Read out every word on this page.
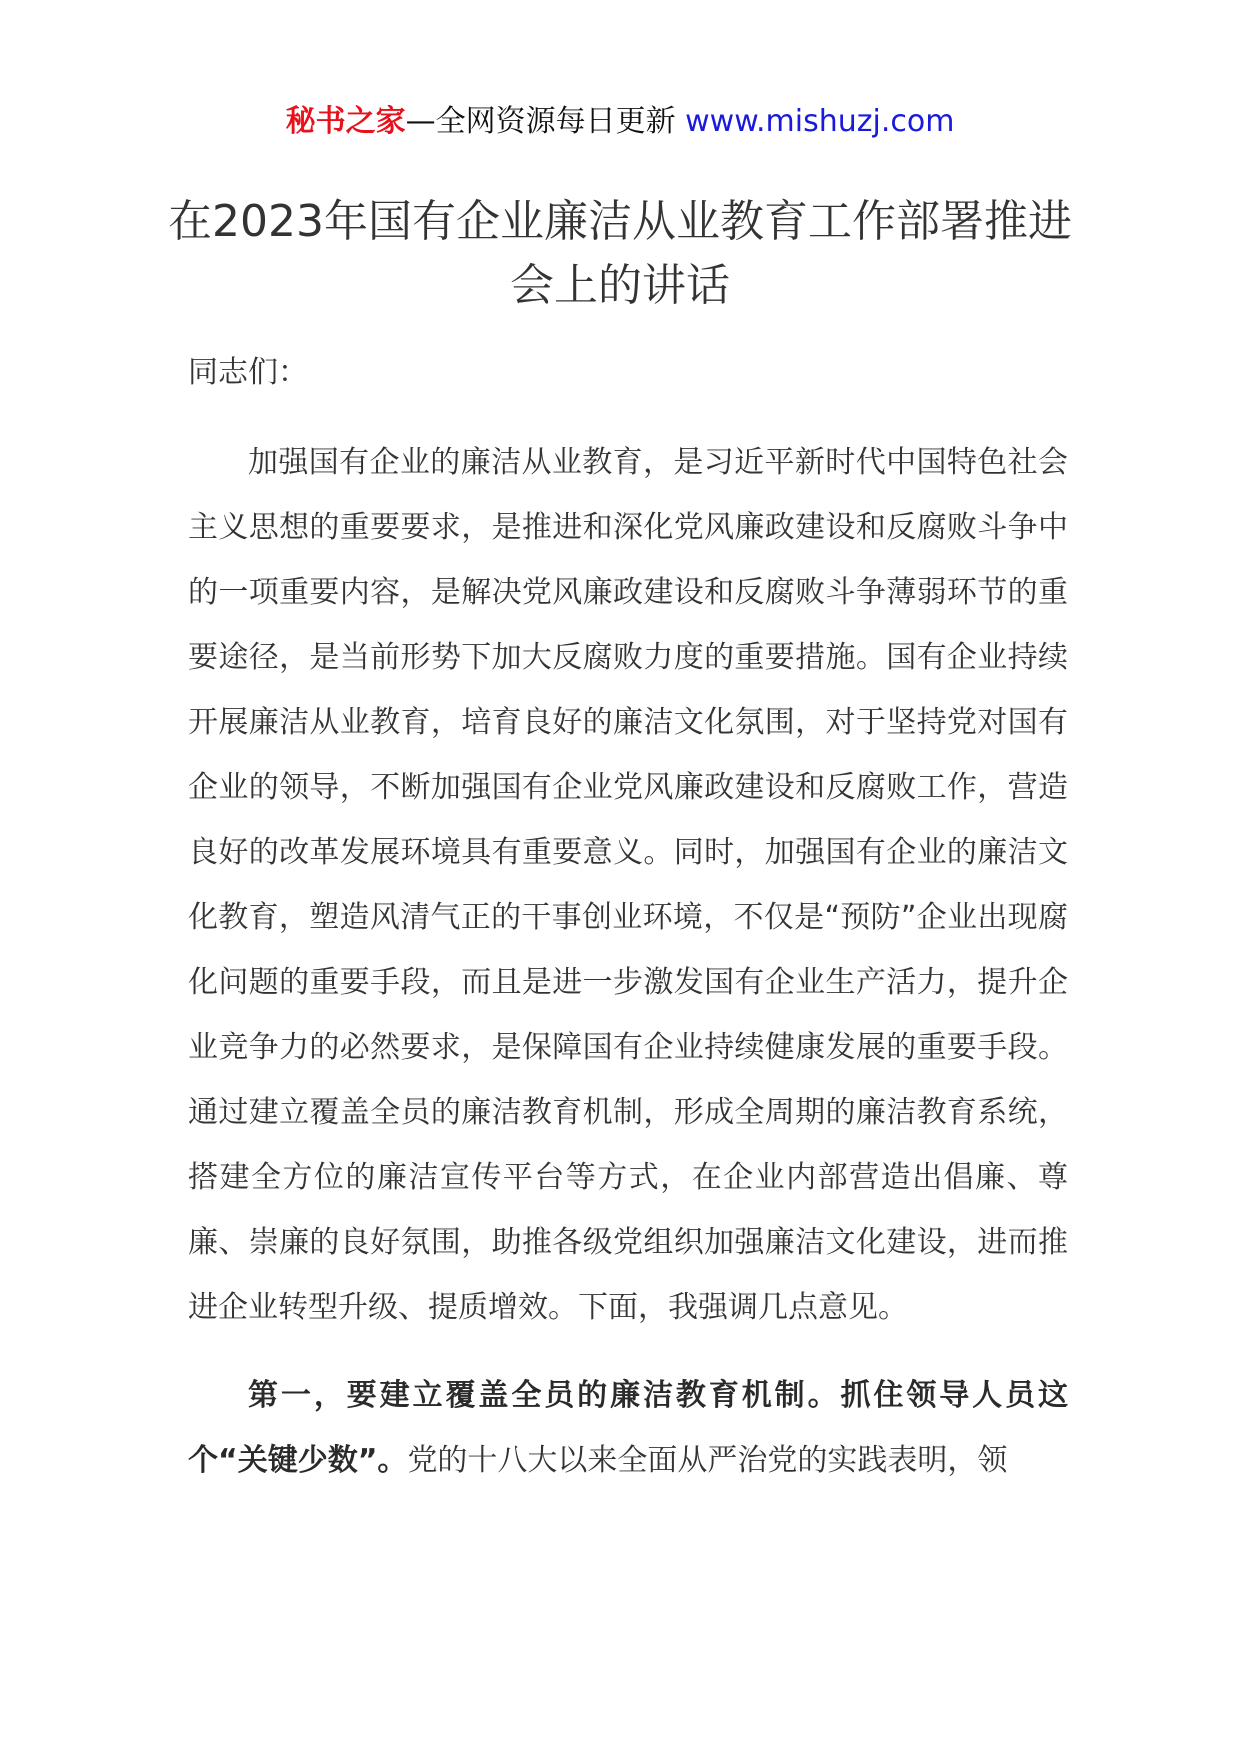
秘书之家—全网资源每日更新 www.mishuzj.com
在2023年国有企业廉洁从业教育工作部署推进会上的讲话

同志们：

加强国有企业的廉洁从业教育，是习近平新时代中国特色社会主义思想的重要要求，是推进和深化党风廉政建设和反腐败斗争中的一项重要内容，是解决党风廉政建设和反腐败斗争薄弱环节的重要途径，是当前形势下加大反腐败力度的重要措施。国有企业持续开展廉洁从业教育，培育良好的廉洁文化氛围，对于坚持党对国有企业的领导，不断加强国有企业党风廉政建设和反腐败工作，营造良好的改革发展环境具有重要意义。同时，加强国有企业的廉洁文化教育，塑造风清气正的干事创业环境，不仅是“预防”企业出现腐化问题的重要手段，而且是进一步激发国有企业生产活力，提升企业竞争力的必然要求，是保障国有企业持续健康发展的重要手段。通过建立覆盖全员的廉洁教育机制，形成全周期的廉洁教育系统，搭建全方位的廉洁宣传平台等方式，在企业内部营造出倡廉、尊廉、崇廉的良好氛围，助推各级党组织加强廉洁文化建设，进而推进企业转型升级、提质增效。下面，我强调几点意见。

第一，要建立覆盖全员的廉洁教育机制。抓住领导人员这个“关键少数”。党的十八大以来全面从严治党的实践表明，领
